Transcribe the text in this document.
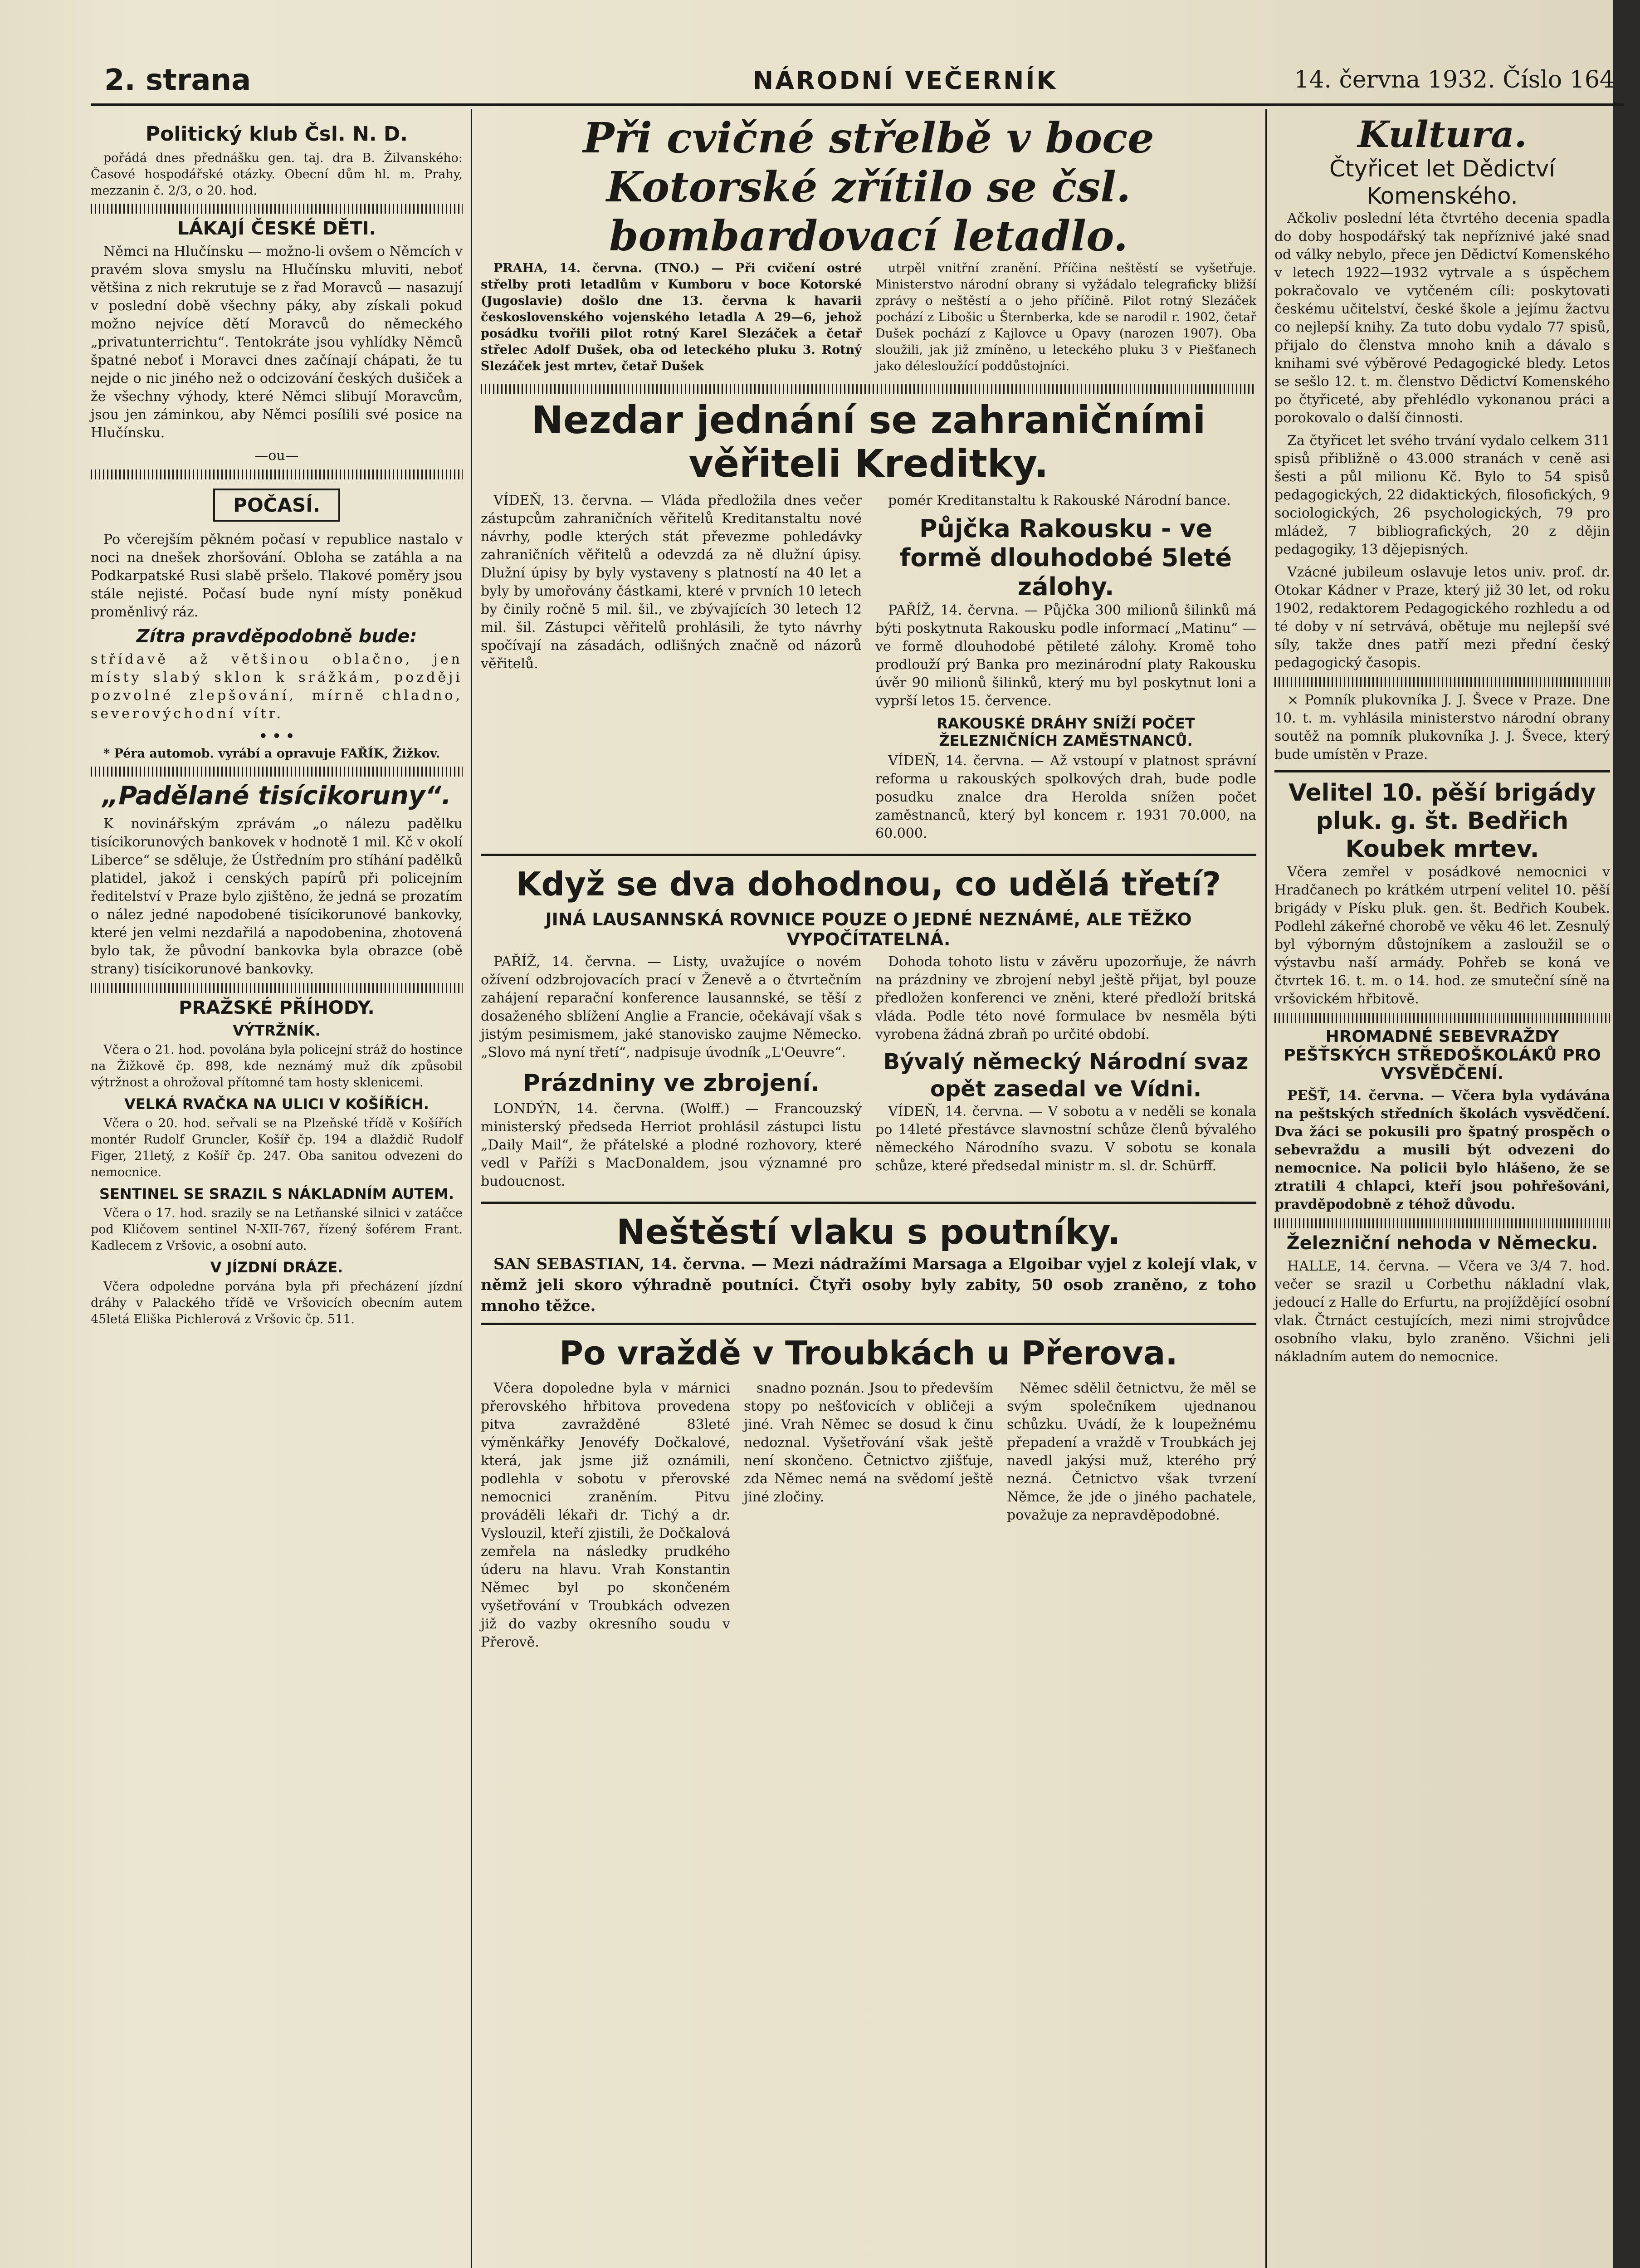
2. strana	NÁRODNÍ VEČERNÍK	14. června 1932. Číslo 164
Politický klub Čsl. N. D.

pořádá dnes přednášku gen. taj. dra B. Žilvanského: Časové hospodářské otázky. Obecní dům hl. m. Prahy, mezzanin č. 2/3, o 20. hod.

LÁKAJÍ ČESKÉ DĚTI.

Němci na Hlučínsku — možno-li ovšem o Němcích v pravém slova smyslu na Hlučínsku mluviti, neboť většina z nich rekrutuje se z řad Moravců — nasazují v poslední době všechny páky, aby získali pokud možno nejvíce dětí Moravců do německého „privatunterrichtu“. Tentokráte jsou vyhlídky Němců špatné neboť i Moravci dnes začínají chápati, že tu nejde o nic jiného než o odcizování českých dušiček a že všechny výhody, které Němci slibují Moravcům, jsou jen záminkou, aby Němci posílili své posice na Hlučínsku.

—ou—
POČASÍ.

Po včerejším pěkném počasí v republice nastalo v noci na dnešek zhoršování. Obloha se zatáhla a na Podkarpatské Rusi slabě pršelo. Tlakové poměry jsou stále nejisté. Počasí bude nyní místy poněkud proměnlivý ráz.

Zítra pravděpodobně bude:

střídavě až většinou oblačno, jen místy slabý sklon k srážkám, později pozvolné zlepšování, mírně chladno, severovýchodní vítr.

• • •

* Péra automob. vyrábí a opravuje FAŘÍK, Žižkov.

„Padělané tisícikoruny“.

K novinářským zprávám „o nálezu padělku tisícikorunových bankovek v hodnotě 1 mil. Kč v okolí Liberce“ se sděluje, že Ústředním pro stíhání padělků platidel, jakož i cenských papírů při policejním ředitelství v Praze bylo zjištěno, že jedná se prozatím o nález jedné napodobené tisícikorunové bankovky, které jen velmi nezdařilá a napodobenina, zhotovená bylo tak, že původní bankovka byla obrazce (obě strany) tisícikorunové bankovky.

PRAŽSKÉ PŘÍHODY.
VÝTRŽNÍK.

Včera o 21. hod. povolána byla policejní stráž do hostince na Žižkově čp. 898, kde neznámý muž dík způsobil výtržnost a ohrožoval přítomné tam hosty sklenicemi.

VELKÁ RVAČKA NA ULICI V KOŠÍŘÍCH.

Včera o 20. hod. seřvali se na Plzeňské třídě v Košířích montér Rudolf Gruncler, Košíř čp. 194 a dlaždič Rudolf Figer, 21letý, z Košíř čp. 247. Oba sanitou odvezeni do nemocnice.

SENTINEL SE SRAZIL S NÁKLADNÍM AUTEM.

Včera o 17. hod. srazily se na Letňanské silnici v zatáčce pod Kličovem sentinel N-XII-767, řízený šoférem Frant. Kadlecem z Vršovic, a osobní auto.

V JÍZDNÍ DRÁZE.

Včera odpoledne porvána byla při přecházení jízdní dráhy v Palackého třídě ve Vršovicích obecním autem 45letá Eliška Pichlerová z Vršovic čp. 511.

Při cvičné střelbě v boce Kotorské zřítilo se čsl. bombardovací letadlo.

PRAHA, 14. června. (TNO.) — Při cvičení ostré střelby proti letadlům v Kumboru v boce Kotorské (Jugoslavie) došlo dne 13. června k havarii československého vojenského letadla A 29—6, jehož posádku tvořili pilot rotný Karel Slezáček a četař střelec Adolf Dušek, oba od leteckého pluku 3. Rotný Slezáček jest mrtev, četař Dušek

utrpěl vnitřní zranění. Příčina neštěstí se vyšetřuje. Ministerstvo národní obrany si vyžádalo telegraficky bližší zprávy o neštěstí a o jeho příčině. Pilot rotný Slezáček pochází z Libošic u Šternberka, kde se narodil r. 1902, četař Dušek pochází z Kajlovce u Opavy (narozen 1907). Oba sloužili, jak již zmíněno, u leteckého pluku 3 v Piešťanech jako délesloužící poddůstojníci.

Nezdar jednání se zahraničními věřiteli Kreditky.

VÍDEŇ, 13. června. — Vláda předložila dnes večer zástupcům zahraničních věřitelů Kreditanstaltu nové návrhy, podle kterých stát převezme pohledávky zahraničních věřitelů a odevzdá za ně dlužní úpisy. Dlužní úpisy by byly vystaveny s platností na 40 let a byly by umořovány částkami, které v prvních 10 letech by činily ročně 5 mil. šil., ve zbývajících 30 letech 12 mil. šil. Zástupci věřitelů prohlásili, že tyto návrhy spočívají na zásadách, odlišných značně od názorů věřitelů.

pomér Kreditanstaltu k Rakouské Národní bance.

Půjčka Rakousku - ve formě dlouhodobé 5leté zálohy.

PAŘÍŽ, 14. června. — Půjčka 300 milionů šilinků má býti poskytnuta Rakousku podle informací „Matinu“ — ve formě dlouhodobé pětileté zálohy. Kromě toho prodlouží prý Banka pro mezinárodní platy Rakousku úvěr 90 milionů šilinků, který mu byl poskytnut loni a vyprší letos 15. července.

RAKOUSKÉ DRÁHY SNÍŽÍ POČET ŽELEZNIČNÍCH ZAMĚSTNANCŮ.

VÍDEŇ, 14. června. — Až vstoupí v platnost správní reforma u rakouských spolkových drah, bude podle posudku znalce dra Herolda snížen počet zaměstnanců, který byl koncem r. 1931 70.000, na 60.000.

Když se dva dohodnou, co udělá třetí?
JINÁ LAUSANNSKÁ ROVNICE POUZE O JEDNÉ NEZNÁMÉ, ALE TĚŽKO VYPOČÍTATELNÁ.

PAŘÍŽ, 14. června. — Listy, uvažujíce o novém ožívení odzbrojovacích prací v Ženevě a o čtvrtečním zahájení reparační konference lausannské, se těší z dosaženého sblížení Anglie a Francie, očekávají však s jistým pesimismem, jaké stanovisko zaujme Německo. „Slovo má nyní třetí“, nadpisuje úvodník „L'Oeuvre“.

Prázdniny ve zbrojení.

LONDÝN, 14. června. (Wolff.) — Francouzský ministerský předseda Herriot prohlásil zástupci listu „Daily Mail“, že přátelské a plodné rozhovory, které vedl v Paříži s MacDonaldem, jsou významné pro budoucnost.

Dohoda tohoto listu v závěru upozorňuje, že návrh na prázdniny ve zbrojení nebyl ještě přijat, byl pouze předložen konferenci ve zněni, které předloží britská vláda. Podle této nové formulace bv nesměla býti vyrobena žádná zbraň po určité období.

Bývalý německý Národní svaz opět zasedal ve Vídni.

VÍDEŇ, 14. června. — V sobotu a v neděli se konala po 14leté přestávce slavnostní schůze členů bývalého německého Národního svazu. V sobotu se konala schůze, které předsedal ministr m. sl. dr. Schürff.

Neštěstí vlaku s poutníky.

SAN SEBASTIAN, 14. června. — Mezi nádražími Marsaga a Elgoibar vyjel z kolejí vlak, v němž jeli skoro výhradně poutníci. Čtyři osoby byly zabity, 50 osob zraněno, z toho mnoho těžce.

Po vraždě v Troubkách u Přerova.

Včera dopoledne byla v márnici přerovského hřbitova provedena pitva zavražděné 83leté výměnkářky Jenovéfy Dočkalové, která, jak jsme již oznámili, podlehla v sobotu v přerovské nemocnici zraněním. Pitvu prováděli lékaři dr. Tichý a dr. Vyslouzil, kteří zjistili, že Dočkalová zemřela na následky prudkého úderu na hlavu. Vrah Konstantin Němec byl po skončeném vyšetřování v Troubkách odvezen již do vazby okresního soudu v Přerově.

snadno poznán. Jsou to především stopy po nešťovicích v obličeji a jiné. Vrah Němec se dosud k činu nedoznal. Vyšetřování však ještě není skončeno. Četnictvo zjišťuje, zda Němec nemá na svědomí ještě jiné zločiny.

Němec sdělil četnictvu, že měl se svým společníkem ujednanou schůzku. Uvádí, že k loupežnému přepadení a vraždě v Troubkách jej navedl jakýsi muž, kterého prý nezná. Četnictvo však tvrzení Němce, že jde o jiného pachatele, považuje za nepravděpodobné.

Kultura.
Čtyřicet let Dědictví Komenského.

Ačkoliv poslední léta čtvrtého decenia spadla do doby hospodářský tak nepříznivé jaké snad od války nebylo, přece jen Dědictví Komenského v letech 1922—1932 vytrvale a s úspěchem pokračovalo ve vytčeném cíli: poskytovati českému učitelství, české škole a jejímu žactvu co nejlepší knihy. Za tuto dobu vydalo 77 spisů, přijalo do členstva mnoho knih a dávalo s knihami své výběrové Pedagogické bledy. Letos se sešlo 12. t. m. členstvo Dědictví Komenského po čtyřiceté, aby přehlédlo vykonanou práci a porokovalo o další činnosti.

Za čtyřicet let svého trvání vydalo celkem 311 spisů přibližně o 43.000 stranách v ceně asi šesti a půl milionu Kč. Bylo to 54 spisů pedagogických, 22 didaktických, filosofických, 9 sociologických, 26 psychologických, 79 pro mládež, 7 bibliografických, 20 z dějin pedagogiky, 13 dějepisných.

Vzácné jubileum oslavuje letos univ. prof. dr. Otokar Kádner v Praze, který již 30 let, od roku 1902, redaktorem Pedagogického rozhledu a od té doby v ní setrvává, obětuje mu nejlepší své síly, takže dnes patří mezi přední český pedagogický časopis.

× Pomník plukovníka J. J. Švece v Praze. Dne 10. t. m. vyhlásila ministerstvo národní obrany soutěž na pomník plukovníka J. J. Švece, který bude umístěn v Praze.

Velitel 10. pěší brigády pluk. g. št. Bedřich Koubek mrtev.

Včera zemřel v posádkové nemocnici v Hradčanech po krátkém utrpení velitel 10. pěší brigády v Písku pluk. gen. št. Bedřich Koubek. Podlehl zákeřné chorobě ve věku 46 let. Zesnulý byl výborným důstojníkem a zasloužil se o výstavbu naší armády. Pohřeb se koná ve čtvrtek 16. t. m. o 14. hod. ze smuteční síně na vršovickém hřbitově.

HROMADNÉ SEBEVRAŽDY PEŠŤSKÝCH STŘEDOŠKOLÁKŮ PRO VYSVĚDČENÍ.

PEŠŤ, 14. června. — Včera byla vydávána na peštských středních školách vysvědčení. Dva žáci se pokusili pro špatný prospěch o sebevraždu a musili být odvezeni do nemocnice. Na policii bylo hlášeno, že se ztratili 4 chlapci, kteří jsou pohřešováni, pravděpodobně z téhož důvodu.

Železniční nehoda v Německu.

HALLE, 14. června. — Včera ve 3/4 7. hod. večer se srazil u Corbethu nákladní vlak, jedoucí z Halle do Erfurtu, na projíždějící osobní vlak. Čtrnáct cestujících, mezi nimi strojvůdce osobního vlaku, bylo zraněno. Všichni jeli nákladním autem do nemocnice.
